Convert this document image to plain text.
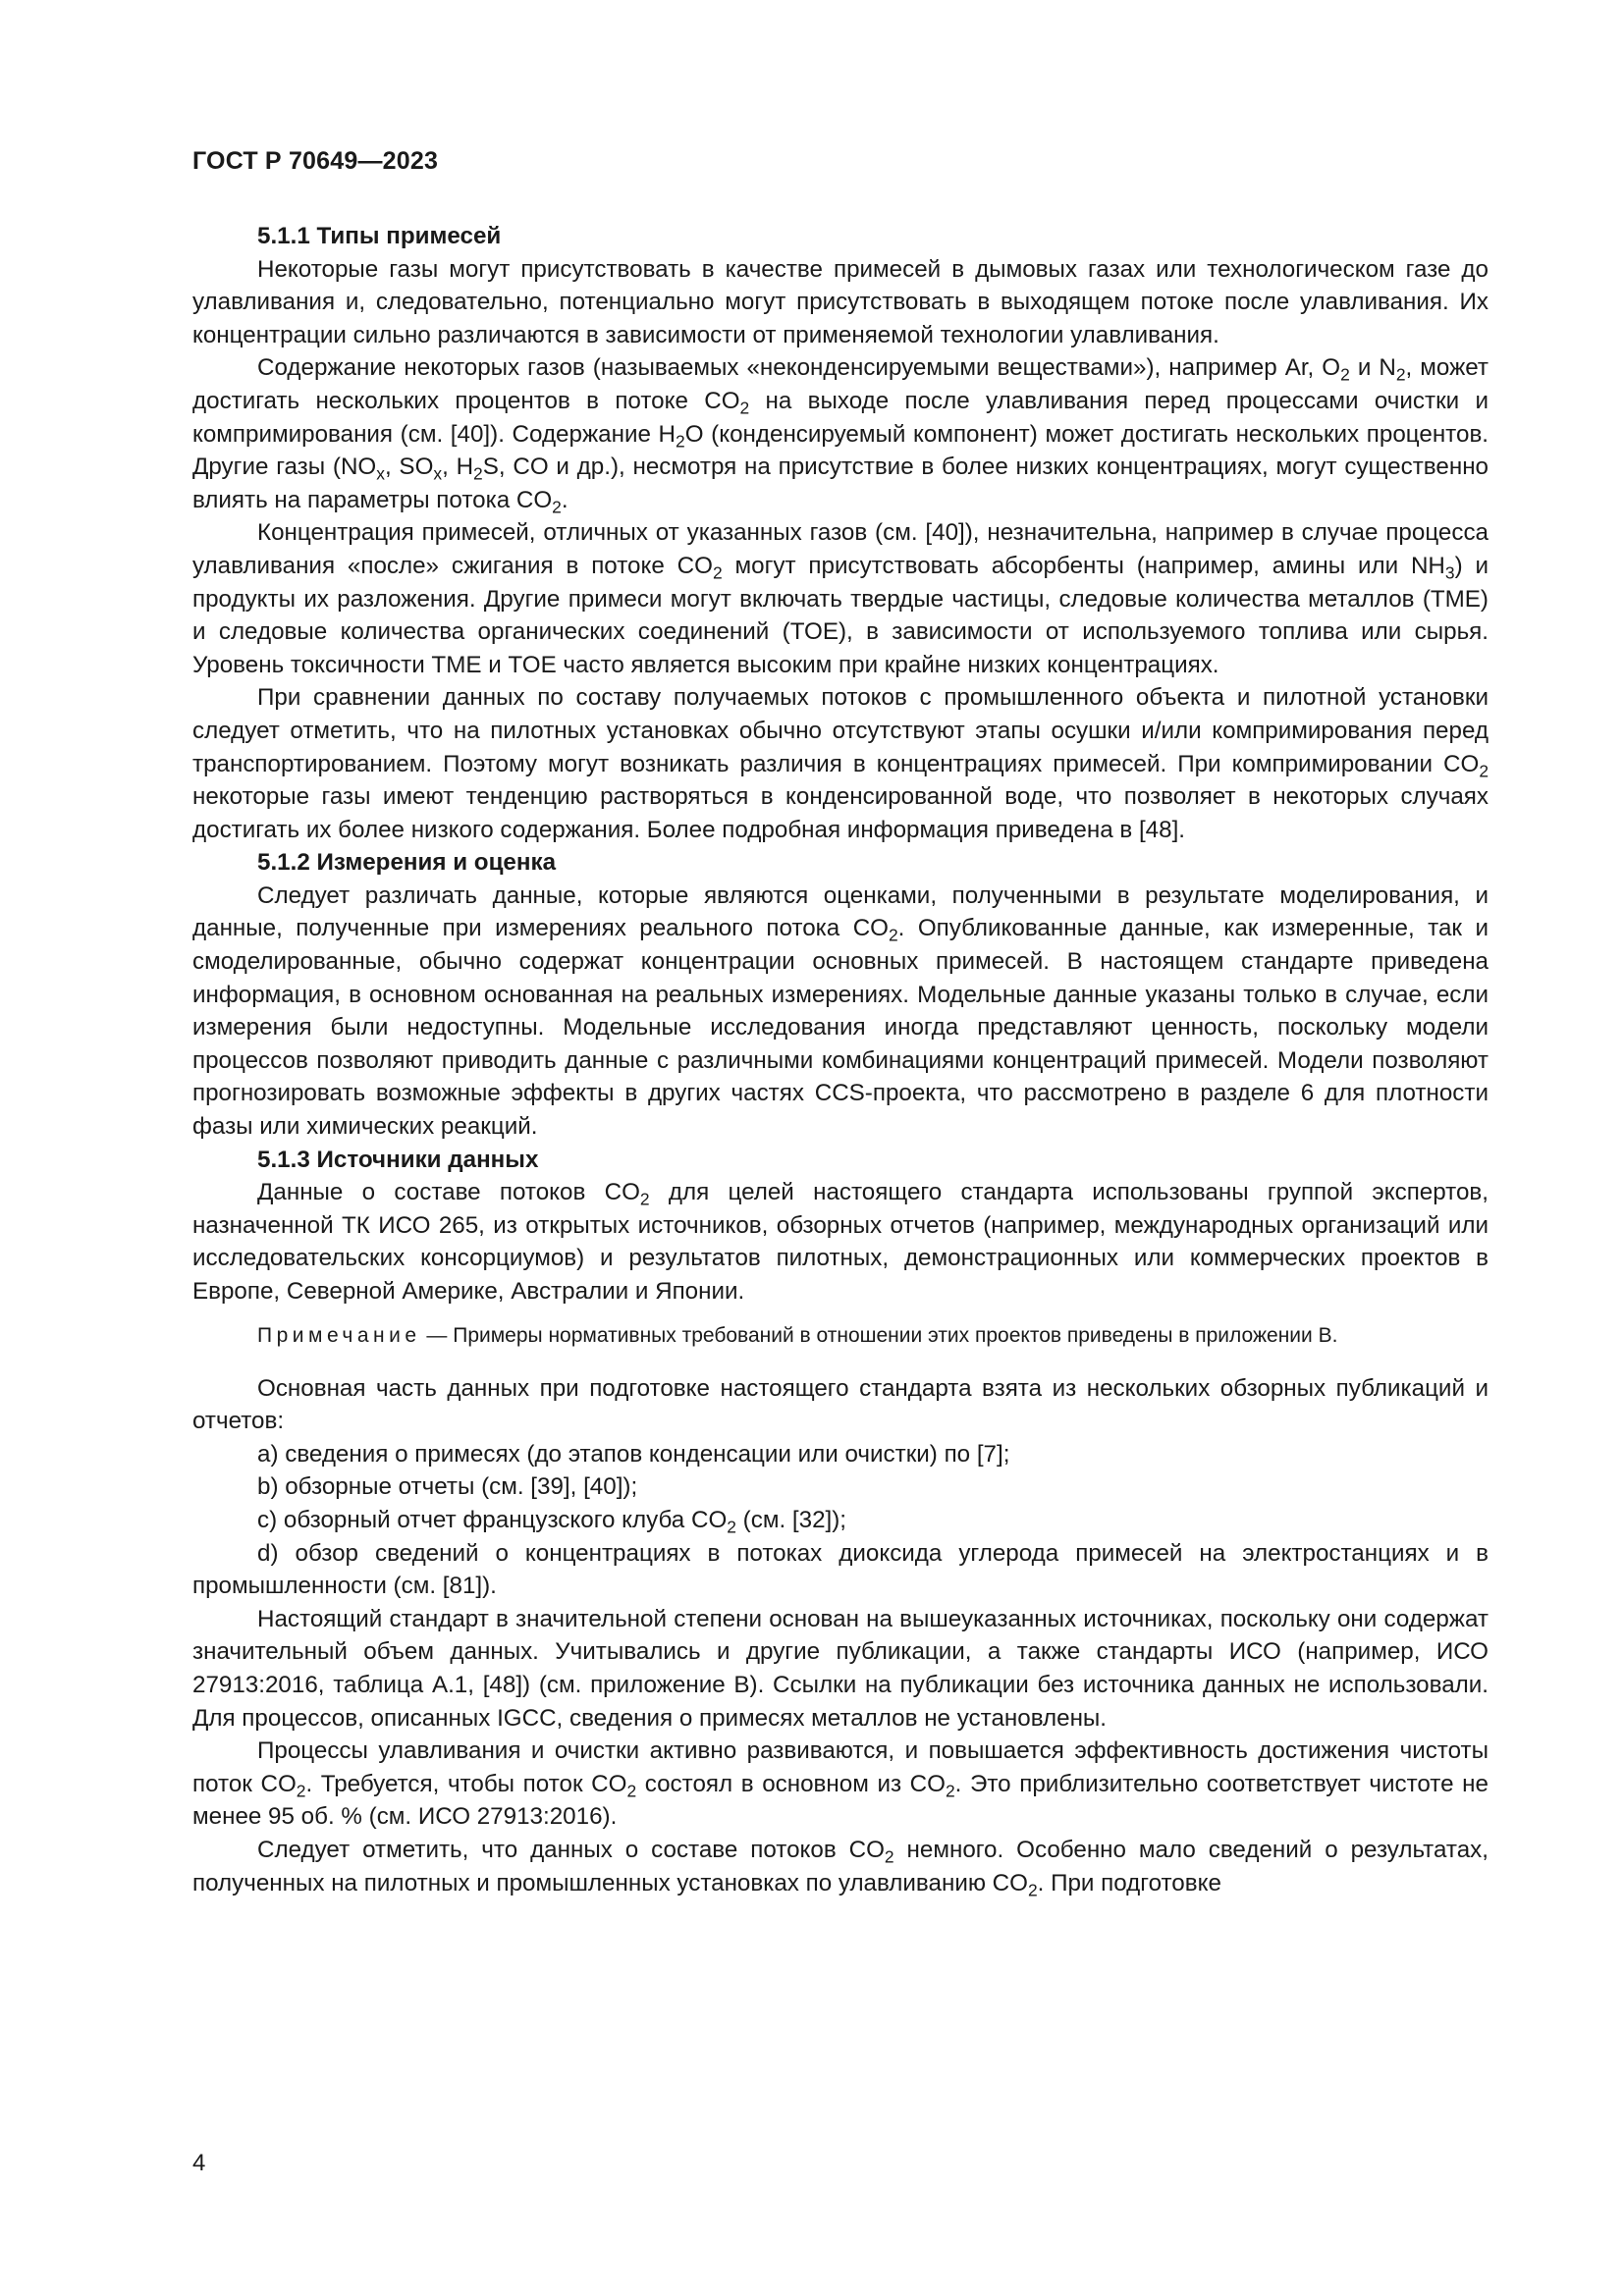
ГОСТ Р 70649—2023

5.1.1 Типы примесей

Некоторые газы могут присутствовать в качестве примесей в дымовых газах или технологическом газе до улавливания и, следовательно, потенциально могут присутствовать в выходящем потоке после улавливания. Их концентрации сильно различаются в зависимости от применяемой технологии улавливания.

Содержание некоторых газов (называемых «неконденсируемыми веществами»), например Ar, $O_2$ и $N_2$, может достигать нескольких процентов в потоке $CO_2$ на выходе после улавливания перед процессами очистки и компримирования (см. [40]). Содержание $H_2O$ (конденсируемый компонент) может достигать нескольких процентов. Другие газы ($NO_x$, $SO_x$, $H_2S$, CO и др.), несмотря на присутствие в более низких концентрациях, могут существенно влиять на параметры потока $CO_2$.

Концентрация примесей, отличных от указанных газов (см. [40]), незначительна, например в случае процесса улавливания «после» сжигания в потоке $CO_2$ могут присутствовать абсорбенты (например, амины или $NH_3$) и продукты их разложения. Другие примеси могут включать твердые частицы, следовые количества металлов (TME) и следовые количества органических соединений (TOE), в зависимости от используемого топлива или сырья. Уровень токсичности TME и TOE часто является высоким при крайне низких концентрациях.

При сравнении данных по составу получаемых потоков с промышленного объекта и пилотной установки следует отметить, что на пилотных установках обычно отсутствуют этапы осушки и/или компримирования перед транспортированием. Поэтому могут возникать различия в концентрациях примесей. При компримировании $CO_2$ некоторые газы имеют тенденцию растворяться в конденсированной воде, что позволяет в некоторых случаях достигать их более низкого содержания. Более подробная информация приведена в [48].

5.1.2 Измерения и оценка

Следует различать данные, которые являются оценками, полученными в результате моделирования, и данные, полученные при измерениях реального потока $CO_2$. Опубликованные данные, как измеренные, так и смоделированные, обычно содержат концентрации основных примесей. В настоящем стандарте приведена информация, в основном основанная на реальных измерениях. Модельные данные указаны только в случае, если измерения были недоступны. Модельные исследования иногда представляют ценность, поскольку модели процессов позволяют приводить данные с различными комбинациями концентраций примесей. Модели позволяют прогнозировать возможные эффекты в других частях CCS-проекта, что рассмотрено в разделе 6 для плотности фазы или химических реакций.

5.1.3 Источники данных

Данные о составе потоков $CO_2$ для целей настоящего стандарта использованы группой экспертов, назначенной ТК ИСО 265, из открытых источников, обзорных отчетов (например, международных организаций или исследовательских консорциумов) и результатов пилотных, демонстрационных или коммерческих проектов в Европе, Северной Америке, Австралии и Японии.

Примечание — Примеры нормативных требований в отношении этих проектов приведены в приложении В.

Основная часть данных при подготовке настоящего стандарта взята из нескольких обзорных публикаций и отчетов:

a) сведения о примесях (до этапов конденсации или очистки) по [7];

b) обзорные отчеты (см. [39], [40]);

c) обзорный отчет французского клуба $CO_2$ (см. [32]);

d) обзор сведений о концентрациях в потоках диоксида углерода примесей на электростанциях и в промышленности (см. [81]).

Настоящий стандарт в значительной степени основан на вышеуказанных источниках, поскольку они содержат значительный объем данных. Учитывались и другие публикации, а также стандарты ИСО (например, ИСО 27913:2016, таблица А.1, [48]) (см. приложение В). Ссылки на публикации без источника данных не использовали. Для процессов, описанных IGCC, сведения о примесях металлов не установлены.

Процессы улавливания и очистки активно развиваются, и повышается эффективность достижения чистоты поток $CO_2$. Требуется, чтобы поток $CO_2$ состоял в основном из $CO_2$. Это приблизительно соответствует чистоте не менее 95 об. % (см. ИСО 27913:2016).

Следует отметить, что данных о составе потоков $CO_2$ немного. Особенно мало сведений о результатах, полученных на пилотных и промышленных установках по улавливанию $CO_2$. При подготовке

4
